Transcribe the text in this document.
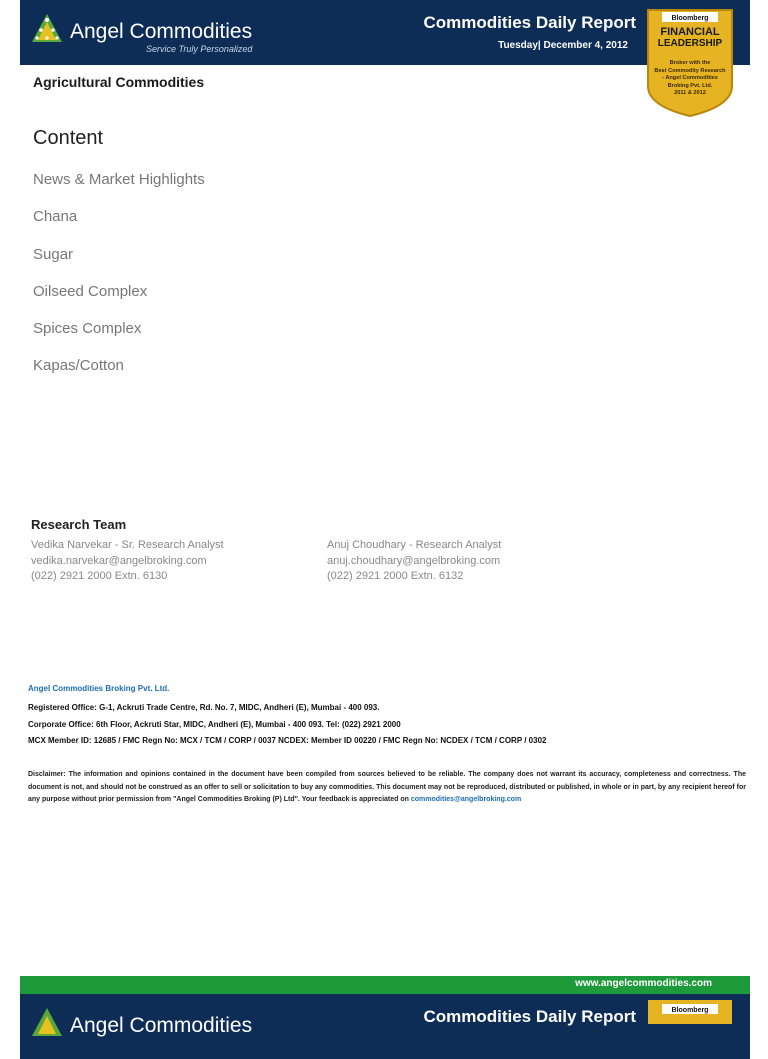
Angel Commodities
Service Truly Personalized
Commodities Daily Report
Tuesday| December 4, 2012
Bloomberg
FINANCIAL
LEADERSHIP
Broker with the
Best Commodity Research
- Angel Commodities
Broking Pvt. Ltd.
2011 & 2012
Agricultural Commodities
Content
News & Market Highlights
Chana
Sugar
Oilseed Complex
Spices Complex
Kapas/Cotton
Research Team
Vedika Narvekar - Sr. Research Analyst
vedika.narvekar@angelbroking.com
(022) 2921 2000 Extn. 6130
Anuj Choudhary - Research Analyst
anuj.choudhary@angelbroking.com
(022) 2921 2000 Extn. 6132
Angel Commodities Broking Pvt. Ltd.
Registered Office: G-1, Ackruti Trade Centre, Rd. No. 7, MIDC, Andheri (E), Mumbai - 400 093.
Corporate Office: 6th Floor, Ackruti Star, MIDC, Andheri (E), Mumbai - 400 093. Tel: (022) 2921 2000
MCX Member ID: 12685 / FMC Regn No: MCX / TCM / CORP / 0037 NCDEX: Member ID 00220 / FMC Regn No: NCDEX / TCM / CORP / 0302
Disclaimer: The information and opinions contained in the document have been compiled from sources believed to be reliable. The company does not warrant its accuracy, completeness and correctness. The document is not, and should not be construed as an offer to sell or solicitation to buy any commodities. This document may not be reproduced, distributed or published, in whole or in part, by any recipient hereof for any purpose without prior permission from "Angel Commodities Broking (P) Ltd". Your feedback is appreciated on commodities@angelbroking.com
www.angelcommodities.com
Angel Commodities	Commodities Daily Report	Bloomberg
